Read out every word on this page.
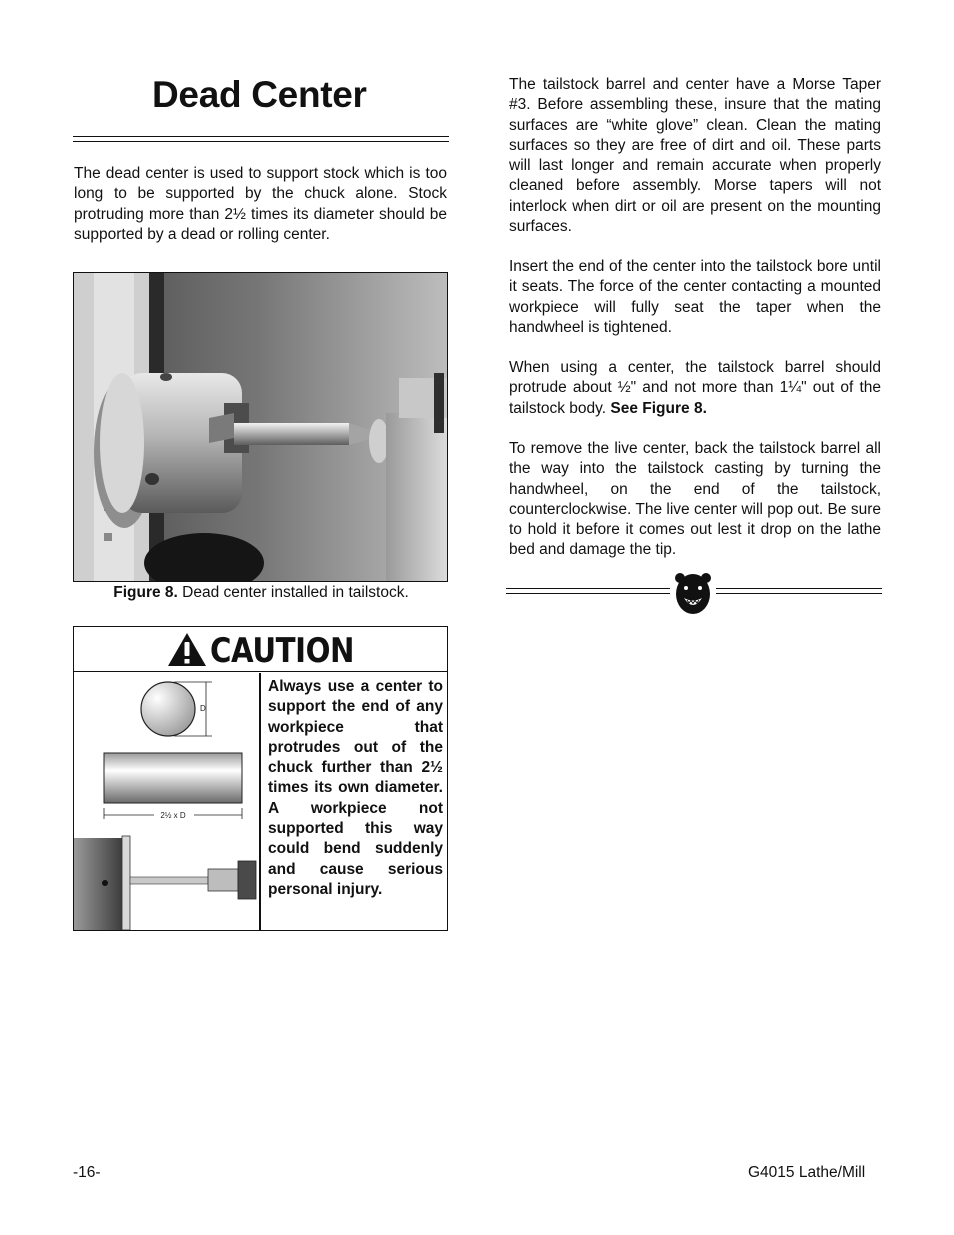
Dead Center

The dead center is used to support stock which is too long to be supported by the chuck alone. Stock protruding more than 2½ times its diameter should be supported by a dead or rolling center.

Figure 8. Dead center installed in tailstock.

CAUTION
D
2½ x D

Always use a center to support the end of any workpiece that protrudes out of the chuck further than 2½ times its own diameter. A workpiece not supported this way could bend suddenly and cause serious personal injury.

The tailstock barrel and center have a Morse Taper #3. Before assembling these, insure that the mating surfaces are “white glove” clean. Clean the mating surfaces so they are free of dirt and oil. These parts will last longer and remain accurate when properly cleaned before assembly. Morse tapers will not interlock when dirt or oil are present on the mounting surfaces.

Insert the end of the center into the tailstock bore until it seats. The force of the center contacting a mounted workpiece will fully seat the taper when the handwheel is tightened.

When using a center, the tailstock barrel should protrude about ½" and not more than 1¼" out of the tailstock body. See Figure 8.

To remove the live center, back the tailstock barrel all the way into the tailstock casting by turning the handwheel, on the end of the tailstock, counterclockwise. The live center will pop out. Be sure to hold it before it comes out lest it drop on the lathe bed and damage the tip.

-16-	G4015 Lathe/Mill
